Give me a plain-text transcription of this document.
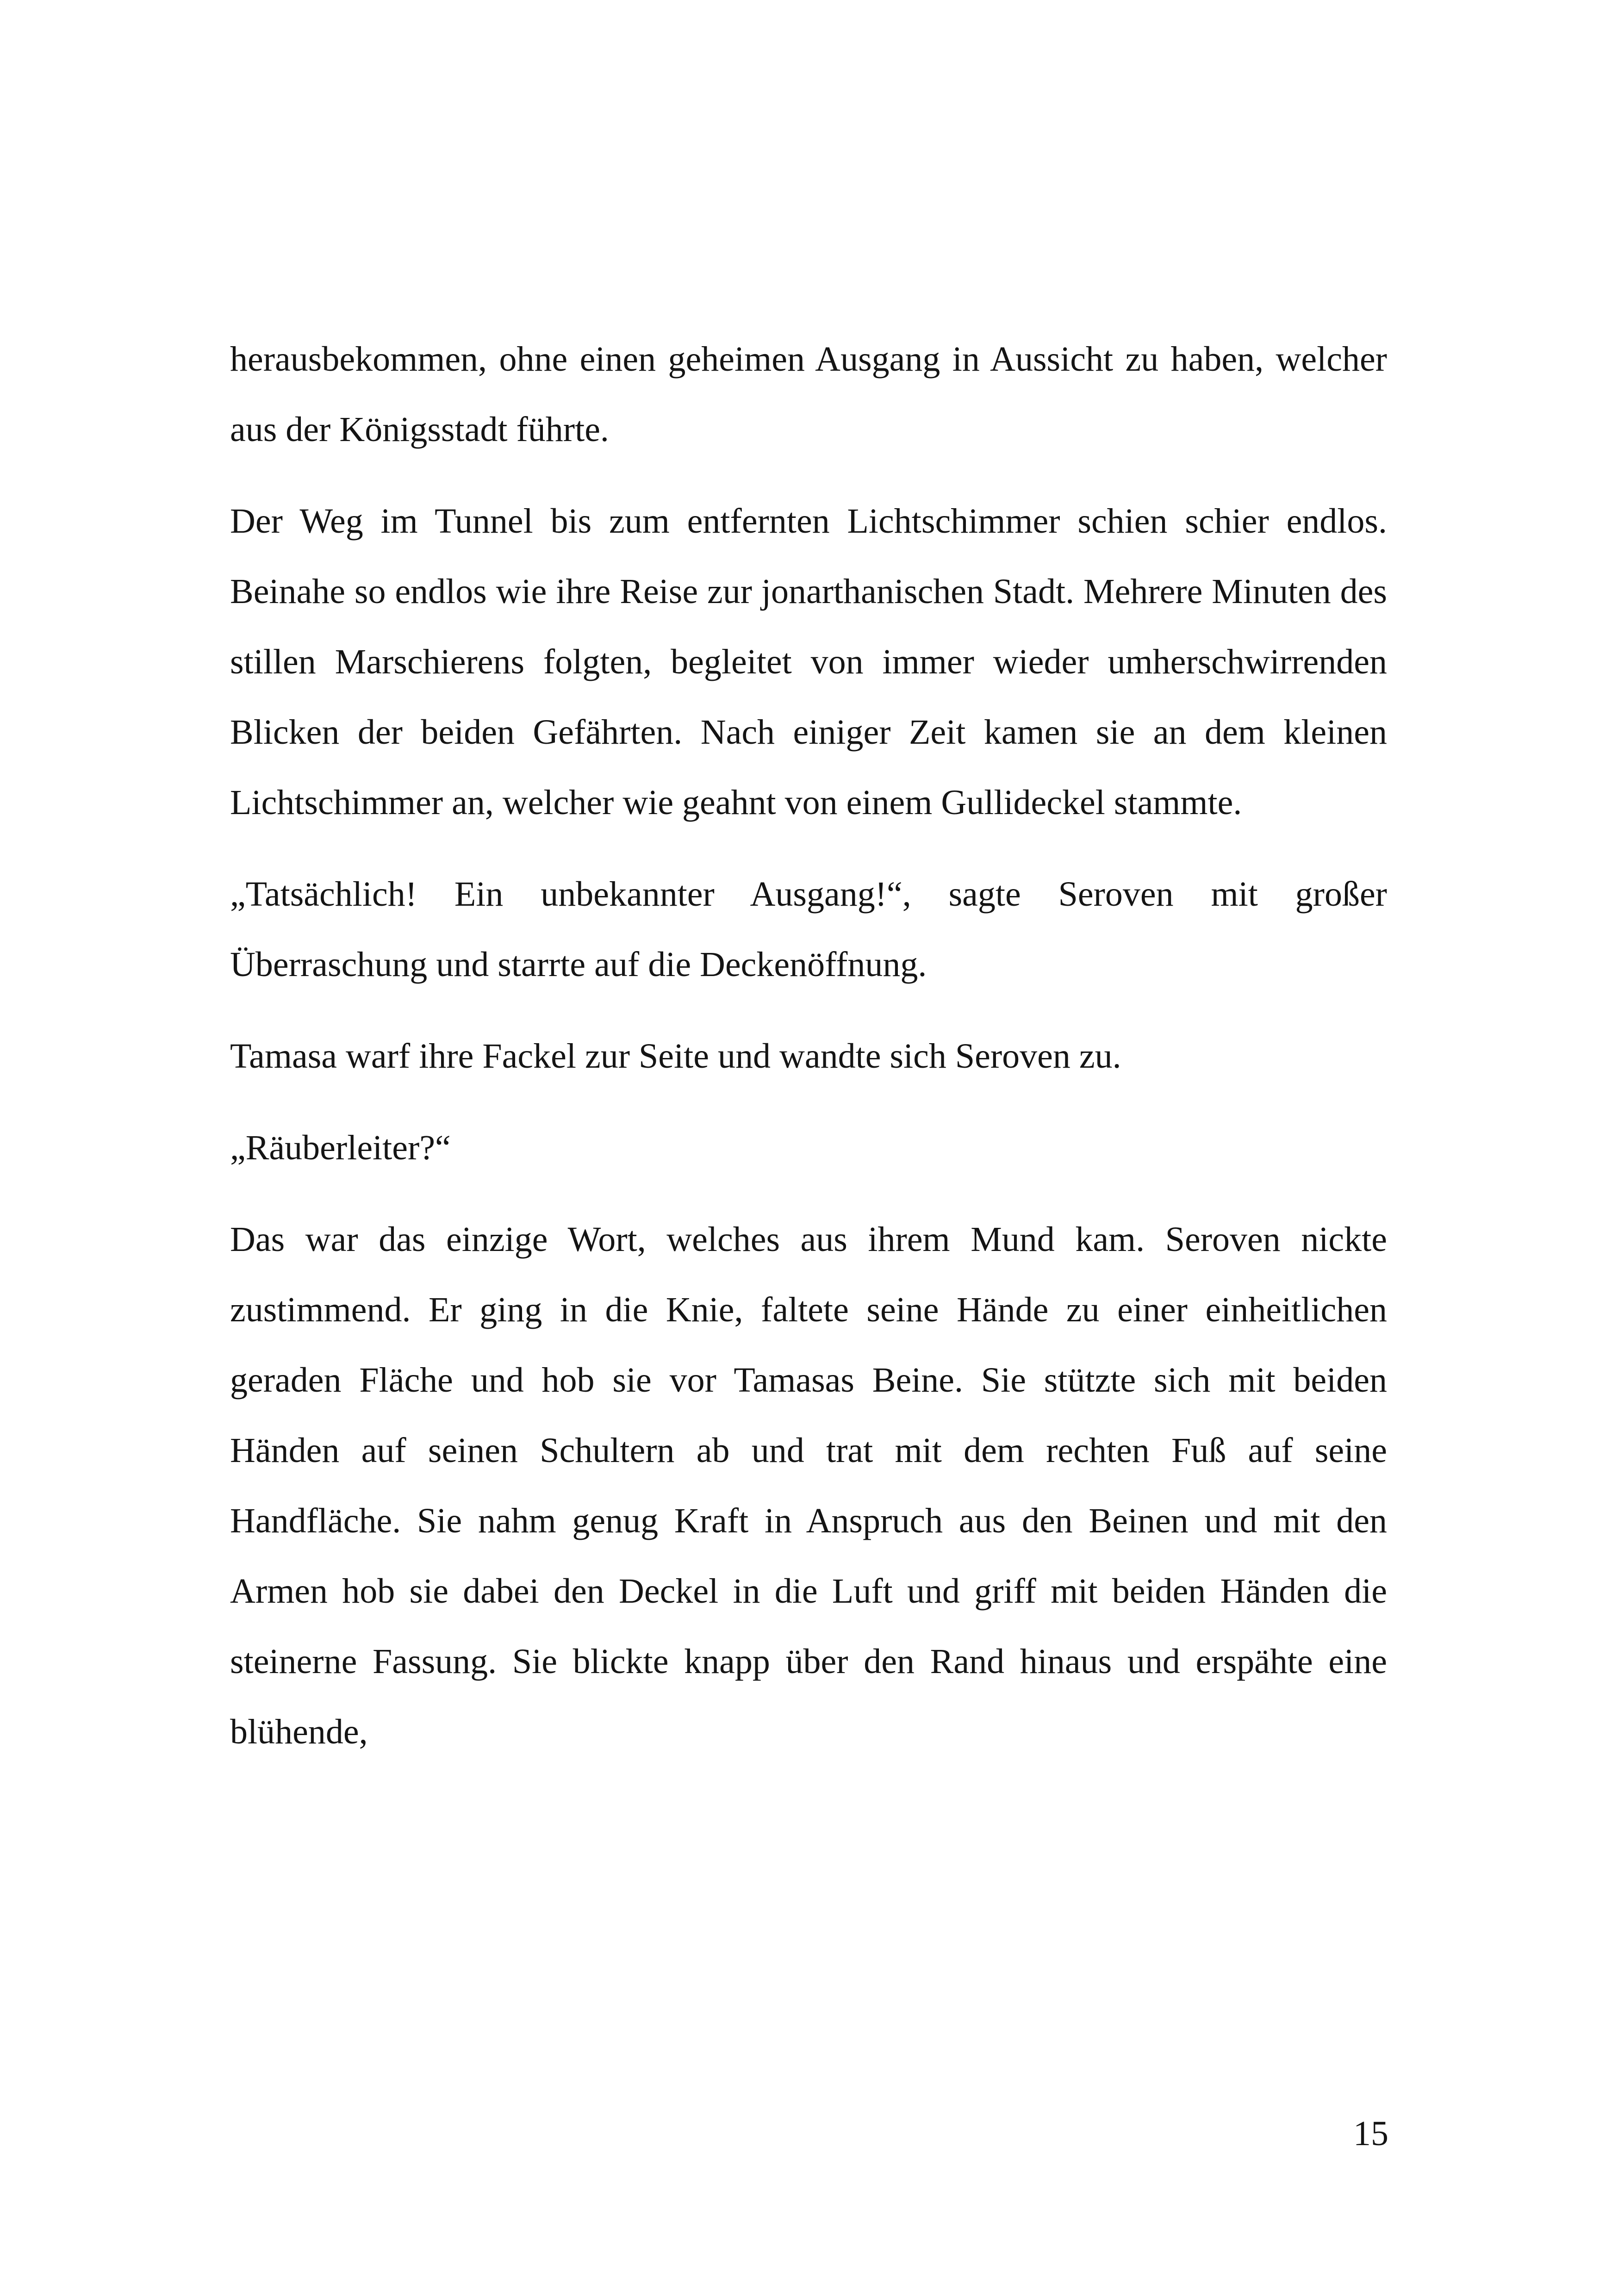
herausbekommen, ohne einen geheimen Ausgang in Aussicht zu haben, welcher aus der Königsstadt führte.

Der Weg im Tunnel bis zum entfernten Lichtschimmer schien schier endlos. Beinahe so endlos wie ihre Reise zur jonarthanischen Stadt. Mehrere Minuten des stillen Marschierens folgten, begleitet von immer wieder umherschwirrenden Blicken der beiden Gefährten. Nach einiger Zeit kamen sie an dem kleinen Lichtschimmer an, welcher wie geahnt von einem Gullideckel stammte.

„Tatsächlich! Ein unbekannter Ausgang!“, sagte Seroven mit großer Überraschung und starrte auf die Deckenöffnung.

Tamasa warf ihre Fackel zur Seite und wandte sich Seroven zu.

„Räuberleiter?“

Das war das einzige Wort, welches aus ihrem Mund kam. Seroven nickte zustimmend. Er ging in die Knie, faltete seine Hände zu einer einheitlichen geraden Fläche und hob sie vor Tamasas Beine. Sie stützte sich mit beiden Händen auf seinen Schultern ab und trat mit dem rechten Fuß auf seine Handfläche. Sie nahm genug Kraft in Anspruch aus den Beinen und mit den Armen hob sie dabei den Deckel in die Luft und griff mit beiden Händen die steinerne Fassung. Sie blickte knapp über den Rand hinaus und erspähte eine blühende,

15
